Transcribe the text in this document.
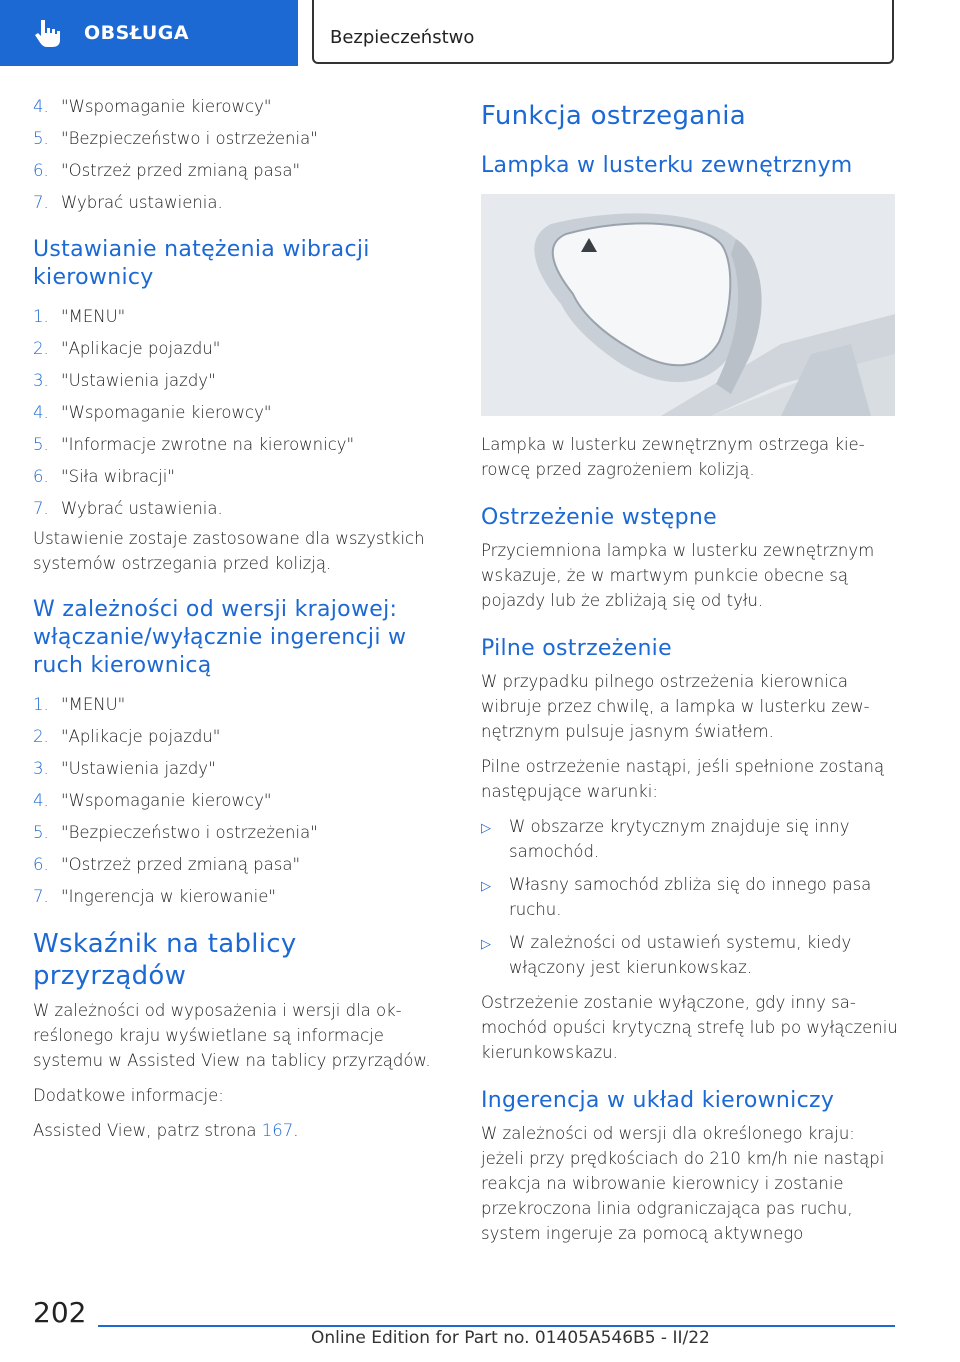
OBSŁUGA	Bezpieczeństwo
4. "Wspomaganie kierowcy"
5. "Bezpieczeństwo i ostrzeżenia"
6. "Ostrzeż przed zmianą pasa"
7. Wybrać ustawienia.
Ustawianie natężenia wibracji kierownicy
1. "MENU"
2. "Aplikacje pojazdu"
3. "Ustawienia jazdy"
4. "Wspomaganie kierowcy"
5. "Informacje zwrotne na kierownicy"
6. "Siła wibracji"
7. Wybrać ustawienia.

Ustawienie zostaje zastosowane dla wszystkich systemów ostrzegania przed kolizją.

W zależności od wersji krajowej: włączanie/wyłącznie ingerencji w ruch kierownicą
1. "MENU"
2. "Aplikacje pojazdu"
3. "Ustawienia jazdy"
4. "Wspomaganie kierowcy"
5. "Bezpieczeństwo i ostrzeżenia"
6. "Ostrzeż przed zmianą pasa"
7. "Ingerencja w kierowanie"
Wskaźnik na tablicy przyrządów

W zależności od wyposażenia i wersji dla określonego kraju wyświetlane są informacje systemu w Assisted View na tablicy przyrządów.

Dodatkowe informacje:

Assisted View, patrz strona 167.

Funkcja ostrzegania
Lampka w lusterku zewnętrznym

Lampka w lusterku zewnętrznym ostrzega kierowcę przed zagrożeniem kolizją.

Ostrzeżenie wstępne

Przyciemniona lampka w lusterku zewnętrznym wskazuje, że w martwym punkcie obecne są pojazdy lub że zbliżają się od tyłu.

Pilne ostrzeżenie

W przypadku pilnego ostrzeżenia kierownica wibruje przez chwilę, a lampka w lusterku zewnętrznym pulsuje jasnym światłem.

Pilne ostrzeżenie nastąpi, jeśli spełnione zostaną następujące warunki:

▷	W obszarze krytycznym znajduje się inny samochód.
▷	Własny samochód zbliża się do innego pasa ruchu.
▷	W zależności od ustawień systemu, kiedy włączony jest kierunkowskaz.

Ostrzeżenie zostanie wyłączone, gdy inny samochód opuści krytyczną strefę lub po wyłączeniu kierunkowskazu.

Ingerencja w układ kierowniczy

W zależności od wersji dla określonego kraju: jeżeli przy prędkościach do 210 km/h nie nastąpi reakcja na wibrowanie kierownicy i zostanie przekroczona linia odgraniczająca pas ruchu, system ingeruje za pomocą aktywnego

202
Online Edition for Part no. 01405A546B5 - II/22
